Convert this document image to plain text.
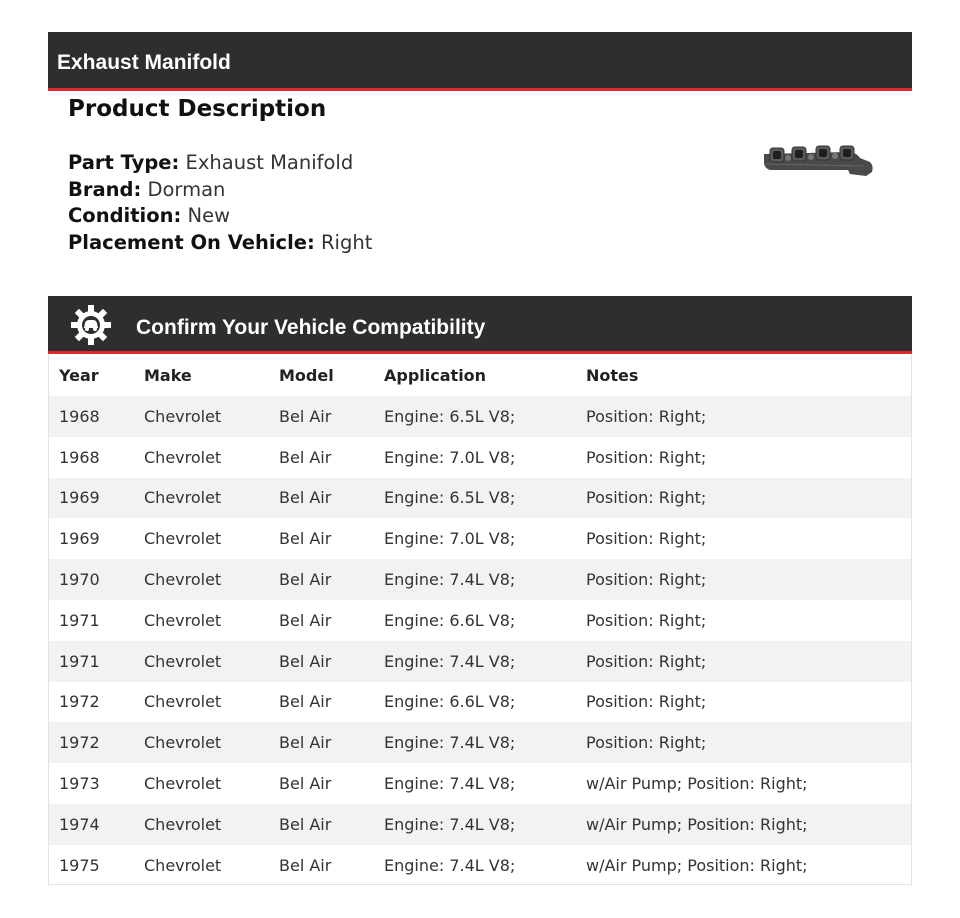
Exhaust Manifold
Product Description
Part Type: Exhaust Manifold
Brand: Dorman
Condition: New
Placement On Vehicle: Right
Confirm Your Vehicle Compatibility
Year	Make	Model	Application	Notes
1968	Chevrolet	Bel Air	Engine: 6.5L V8;	Position: Right;
1968	Chevrolet	Bel Air	Engine: 7.0L V8;	Position: Right;
1969	Chevrolet	Bel Air	Engine: 6.5L V8;	Position: Right;
1969	Chevrolet	Bel Air	Engine: 7.0L V8;	Position: Right;
1970	Chevrolet	Bel Air	Engine: 7.4L V8;	Position: Right;
1971	Chevrolet	Bel Air	Engine: 6.6L V8;	Position: Right;
1971	Chevrolet	Bel Air	Engine: 7.4L V8;	Position: Right;
1972	Chevrolet	Bel Air	Engine: 6.6L V8;	Position: Right;
1972	Chevrolet	Bel Air	Engine: 7.4L V8;	Position: Right;
1973	Chevrolet	Bel Air	Engine: 7.4L V8;	w/Air Pump; Position: Right;
1974	Chevrolet	Bel Air	Engine: 7.4L V8;	w/Air Pump; Position: Right;
1975	Chevrolet	Bel Air	Engine: 7.4L V8;	w/Air Pump; Position: Right;
